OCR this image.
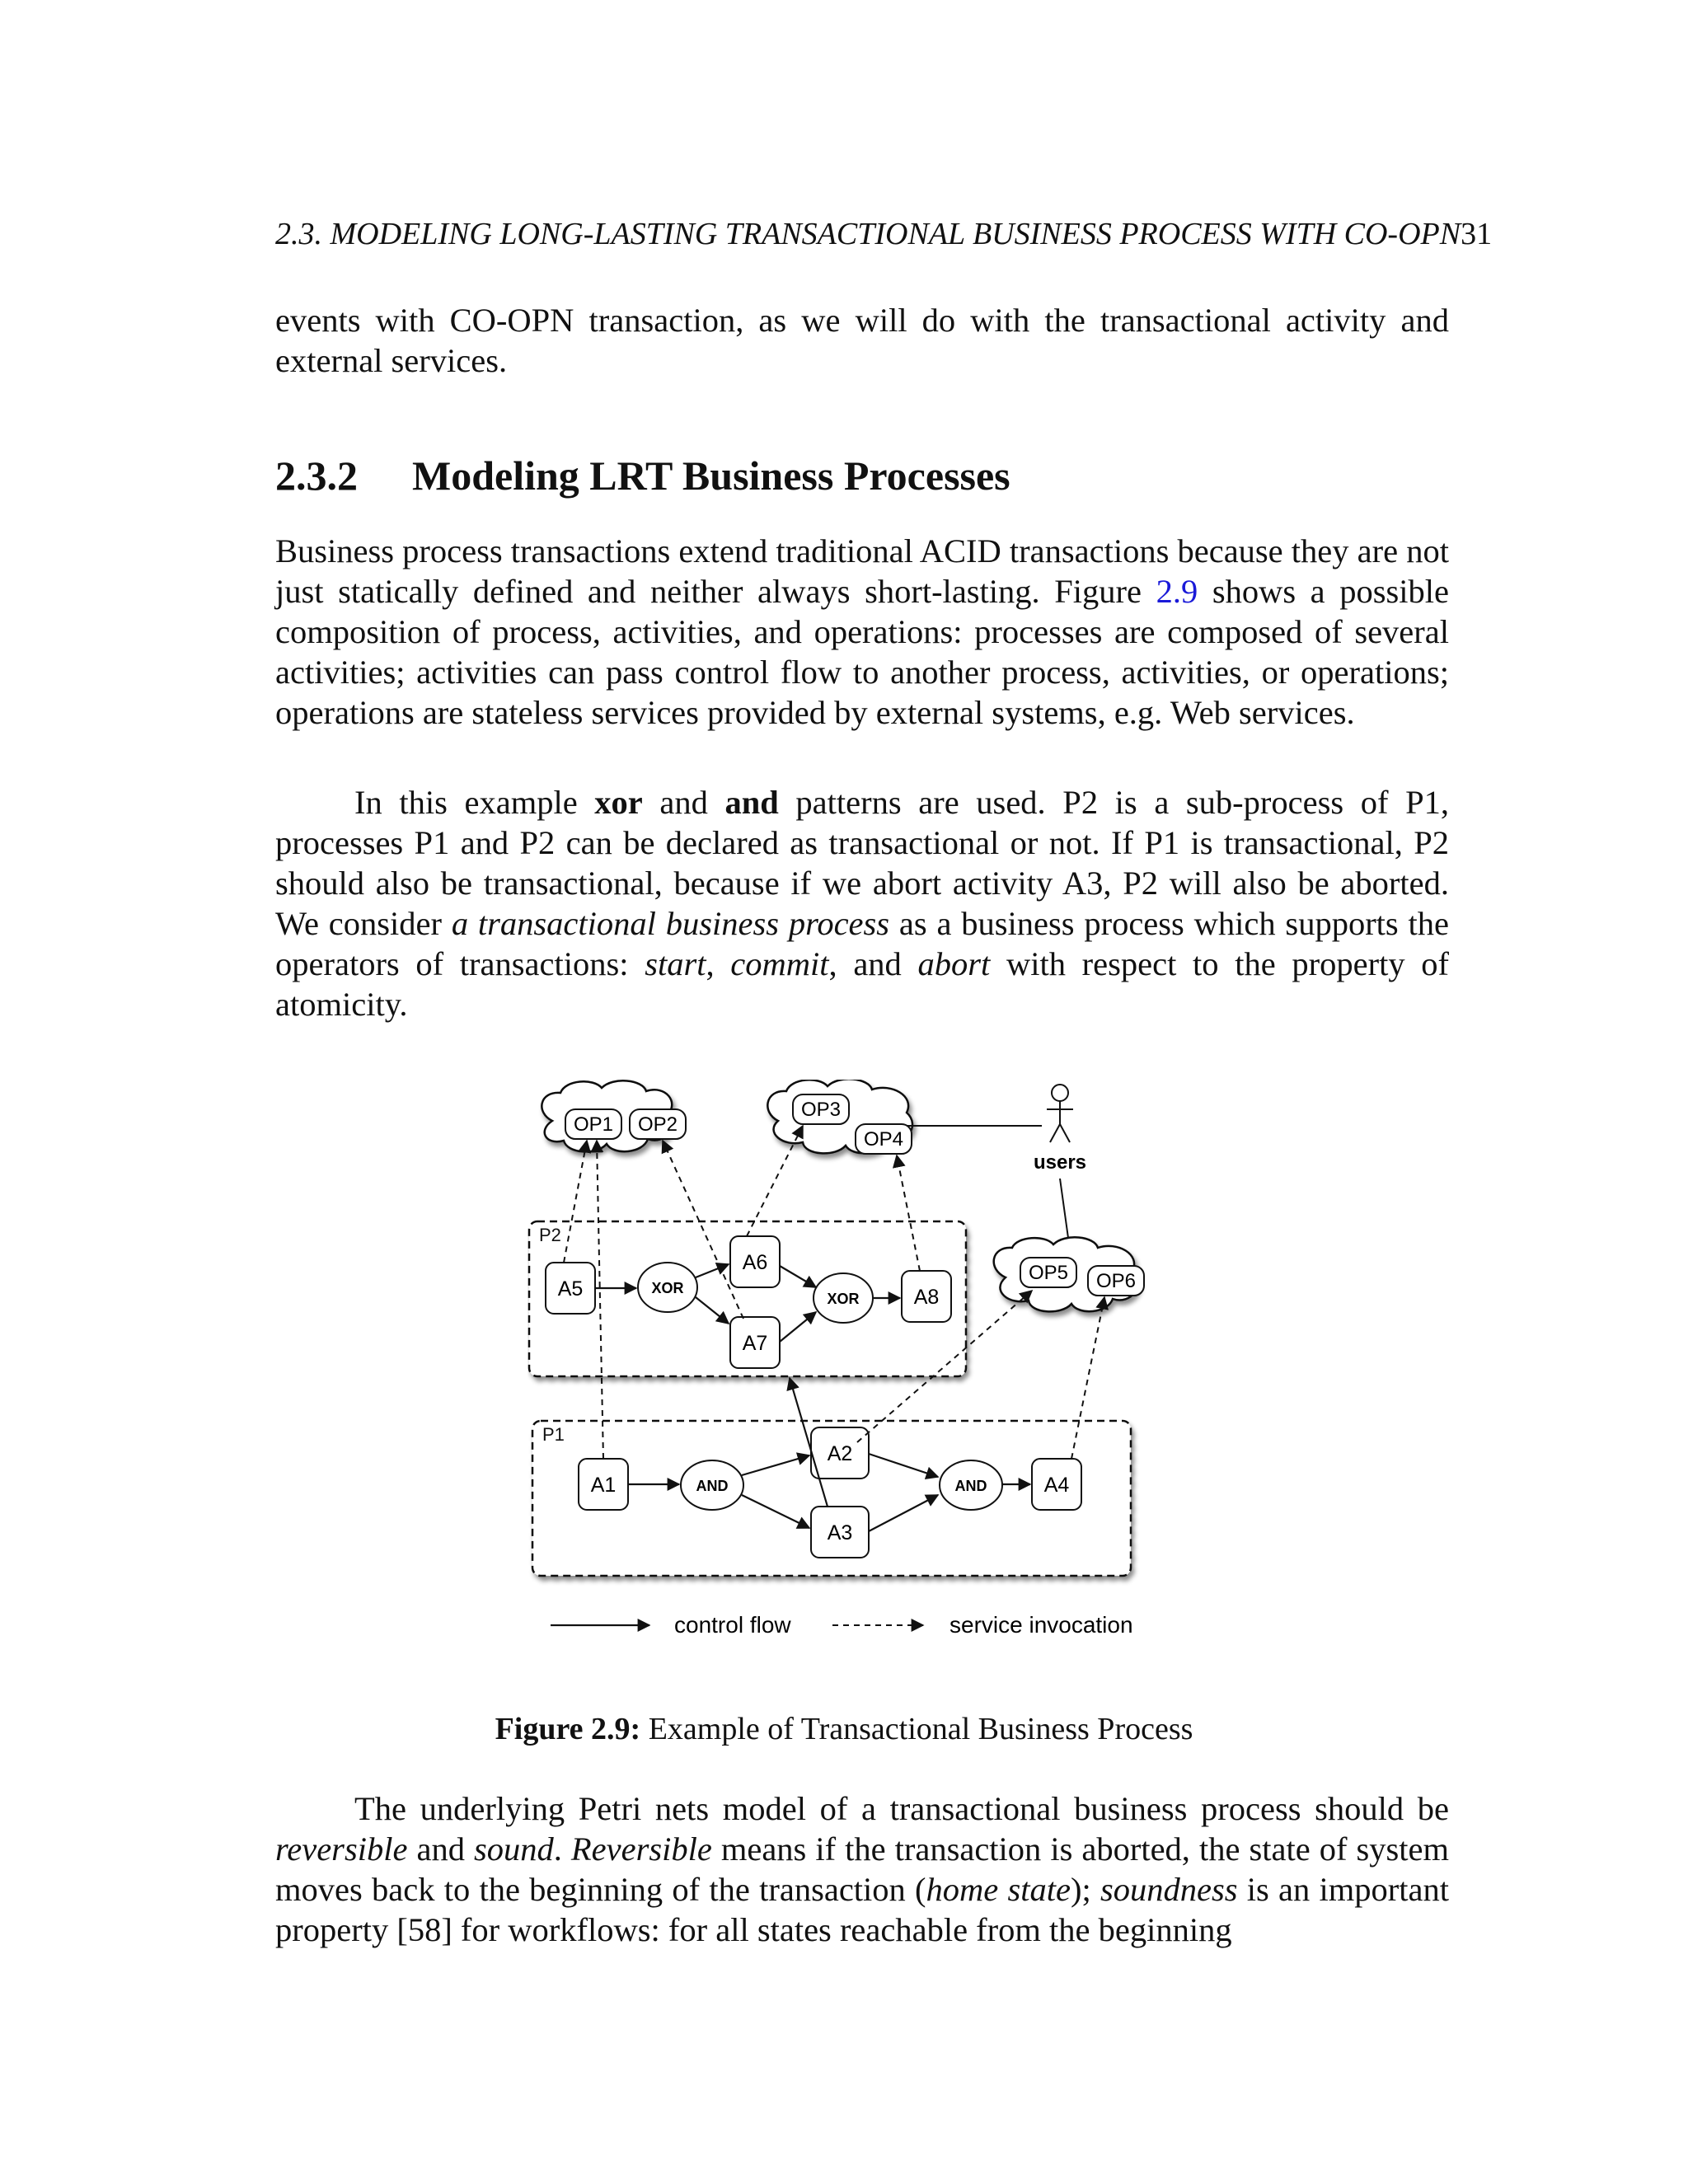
2.3. MODELING LONG-LASTING TRANSACTIONAL BUSINESS PROCESS WITH CO-OPN31

events with CO-OPN transaction, as we will do with the transactional activity and external services.

2.3.2 Modeling LRT Business Processes

Business process transactions extend traditional ACID transactions because they are not just statically defined and neither always short-lasting. Figure 2.9 shows a possible composition of process, activities, and operations: processes are composed of several activities; activities can pass control flow to another process, activities, or operations; operations are stateless services provided by external systems, e.g. Web services.

In this example xor and and patterns are used. P2 is a sub-process of P1, processes P1 and P2 can be declared as transactional or not. If P1 is transactional, P2 should also be transactional, because if we abort activity A3, P2 will also be aborted. We consider a transactional business process as a business process which supports the operators of transactions: start, commit, and abort with respect to the property of atomicity.

P2
P1
OP1 OP2
OP3
OP4
OP5 OP6
users
A5	XOR
A6
A7
XOR	A8
A1	AND
A2
A3
AND	A4
control flow	service invocation
Figure 2.9: Example of Transactional Business Process

The underlying Petri nets model of a transactional business process should be reversible and sound. Reversible means if the transaction is aborted, the state of system moves back to the beginning of the transaction (home state); soundness is an important property [58] for workflows: for all states reachable from the beginning
